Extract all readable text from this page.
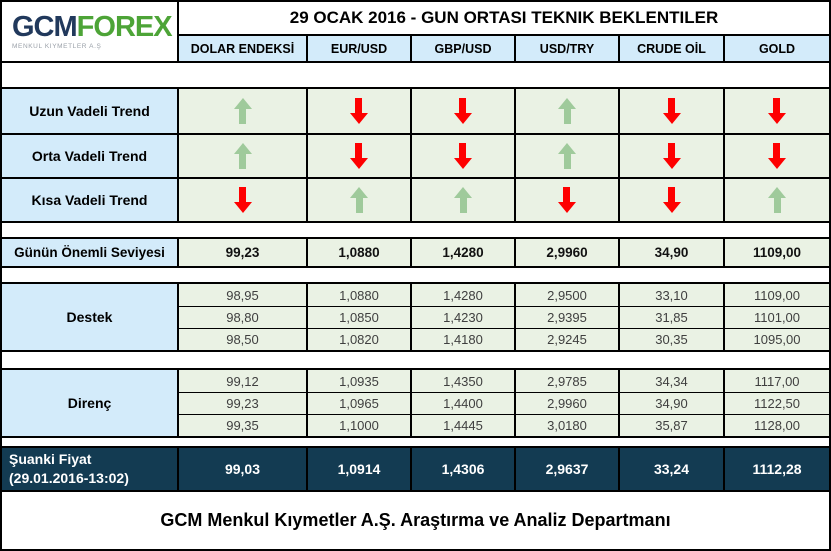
GCMFOREX
MENKUL KIYMETLER A.Ş
29 OCAK 2016 - GUN ORTASI TEKNIK BEKLENTILER
DOLAR ENDEKSİ	EUR/USD	GBP/USD	USD/TRY	CRUDE OİL	GOLD
Uzun Vadeli Trend
Orta Vadeli Trend
Kısa Vadeli Trend
Günün Önemli Seviyesi	99,23	1,0880	1,4280	2,9960	34,90	1109,00
Destek
98,95	1,0880	1,4280	2,9500	33,10	1109,00
98,80	1,0850	1,4230	2,9395	31,85	1101,00
98,50	1,0820	1,4180	2,9245	30,35	1095,00
Direnç
99,12	1,0935	1,4350	2,9785	34,34	1117,00
99,23	1,0965	1,4400	2,9960	34,90	1122,50
99,35	1,1000	1,4445	3,0180	35,87	1128,00
Şuanki Fiyat
(29.01.2016-13:02)
99,03	1,0914	1,4306	2,9637	33,24	1112,28
GCM Menkul Kıymetler A.Ş. Araştırma ve Analiz Departmanı
